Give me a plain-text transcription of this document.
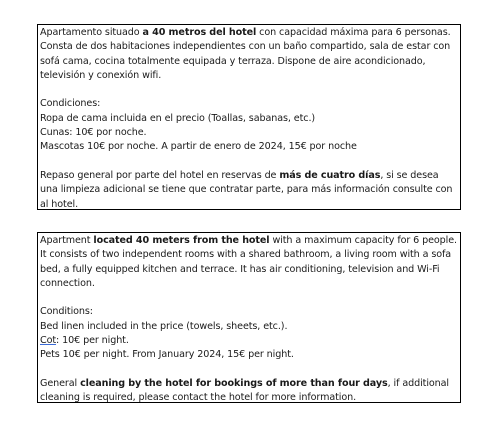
Apartamento situado a 40 metros del hotel con capacidad máxima para 6 personas. Consta de dos habitaciones independientes con un baño compartido, sala de estar con sofá cama, cocina totalmente equipada y terraza. Dispone de aire acondicionado, televisión y conexión wifi.

Condiciones:

Ropa de cama incluida en el precio (Toallas, sabanas, etc.)

Cunas: 10€ por noche.

Mascotas 10€ por noche. A partir de enero de 2024, 15€ por noche

Repaso general por parte del hotel en reservas de más de cuatro días, si se desea una limpieza adicional se tiene que contratar parte, para más información consulte con al hotel.

Apartment located 40 meters from the hotel with a maximum capacity for 6 people. It consists of two independent rooms with a shared bathroom, a living room with a sofa bed, a fully equipped kitchen and terrace. It has air conditioning, television and Wi-Fi connection.

Conditions:

Bed linen included in the price (towels, sheets, etc.).

Cot: 10€ per night.

Pets 10€ per night. From January 2024, 15€ per night.

General cleaning by the hotel for bookings of more than four days, if additional cleaning is required, please contact the hotel for more information.
